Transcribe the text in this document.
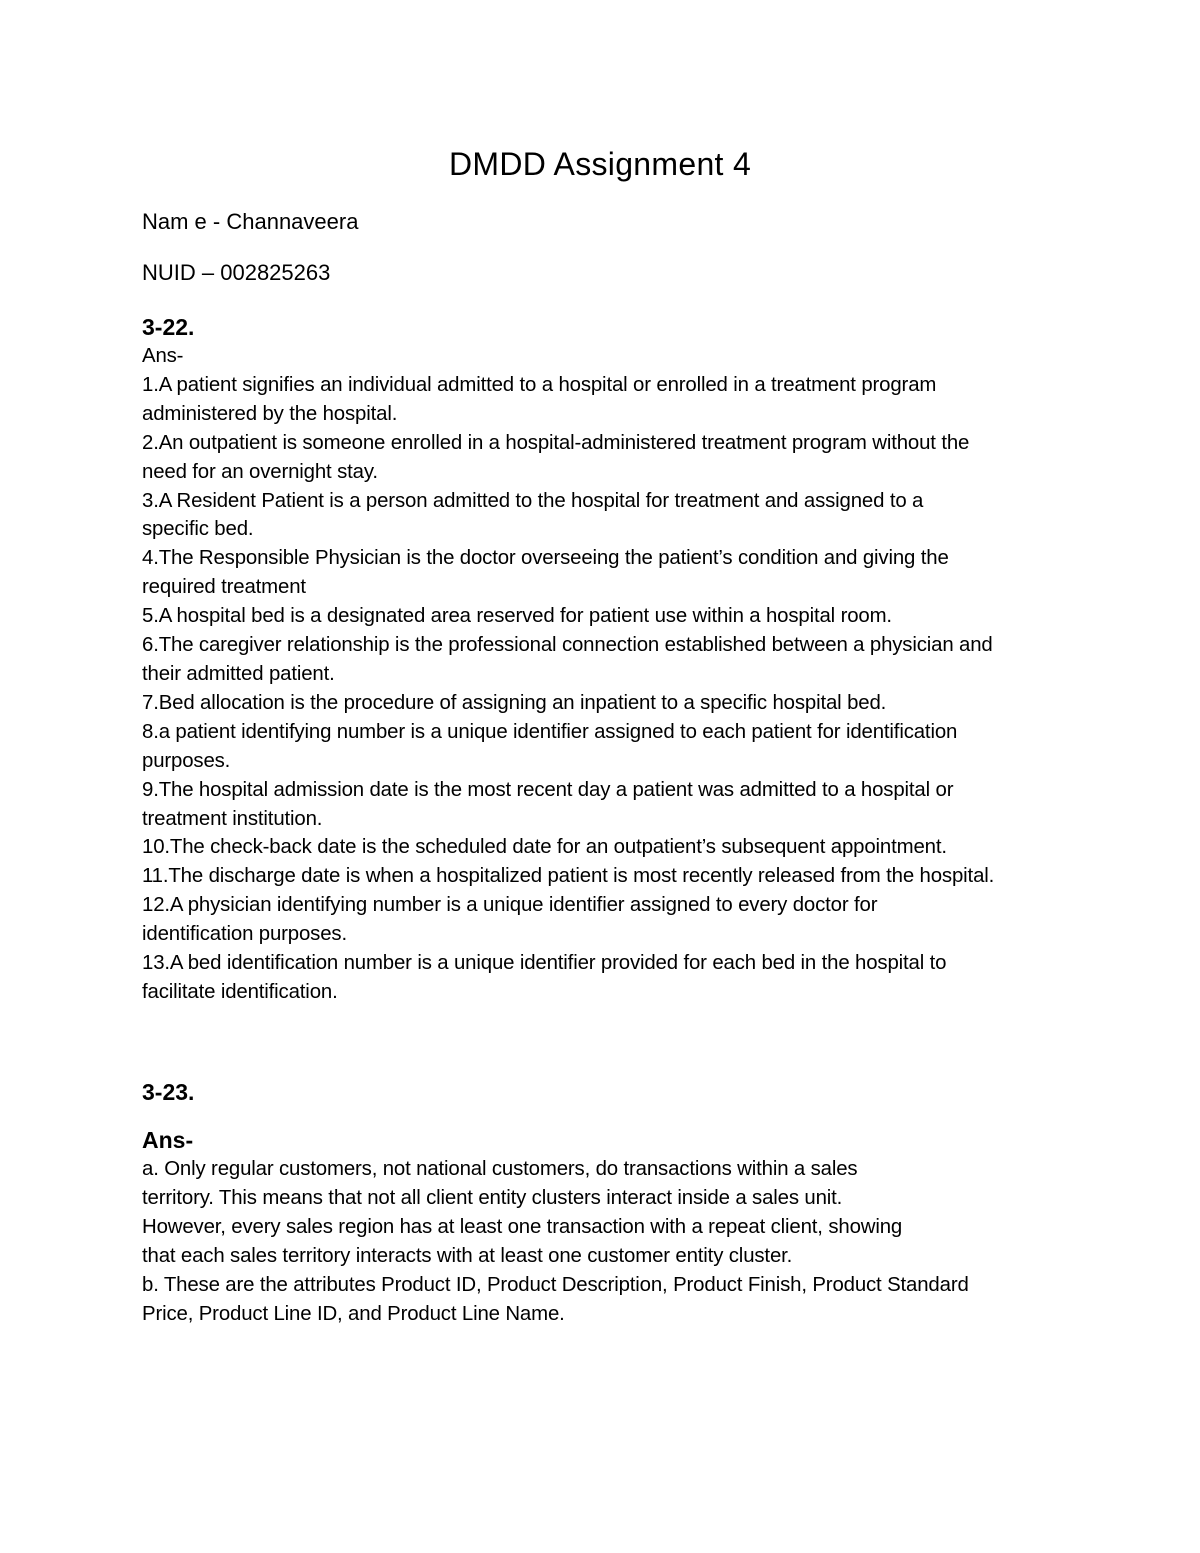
DMDD Assignment 4
Nam e - Channaveera
NUID – 002825263
3-22.
Ans-
1.A patient signifies an individual admitted to a hospital or enrolled in a treatment program
administered by the hospital.
2.An outpatient is someone enrolled in a hospital-administered treatment program without the
need for an overnight stay.
3.A Resident Patient is a person admitted to the hospital for treatment and assigned to a
specific bed.
4.The Responsible Physician is the doctor overseeing the patient’s condition and giving the
required treatment
5.A hospital bed is a designated area reserved for patient use within a hospital room.
6.The caregiver relationship is the professional connection established between a physician and
their admitted patient.
7.Bed allocation is the procedure of assigning an inpatient to a specific hospital bed.
8.a patient identifying number is a unique identifier assigned to each patient for identification
purposes.
9.The hospital admission date is the most recent day a patient was admitted to a hospital or
treatment institution.
10.The check-back date is the scheduled date for an outpatient’s subsequent appointment.
11.The discharge date is when a hospitalized patient is most recently released from the hospital.
12.A physician identifying number is a unique identifier assigned to every doctor for
identification purposes.
13.A bed identification number is a unique identifier provided for each bed in the hospital to
facilitate identification.
3-23.
Ans-
a. Only regular customers, not national customers, do transactions within a sales
territory. This means that not all client entity clusters interact inside a sales unit.
However, every sales region has at least one transaction with a repeat client, showing
that each sales territory interacts with at least one customer entity cluster.
b. These are the attributes Product ID, Product Description, Product Finish, Product Standard
Price, Product Line ID, and Product Line Name.
